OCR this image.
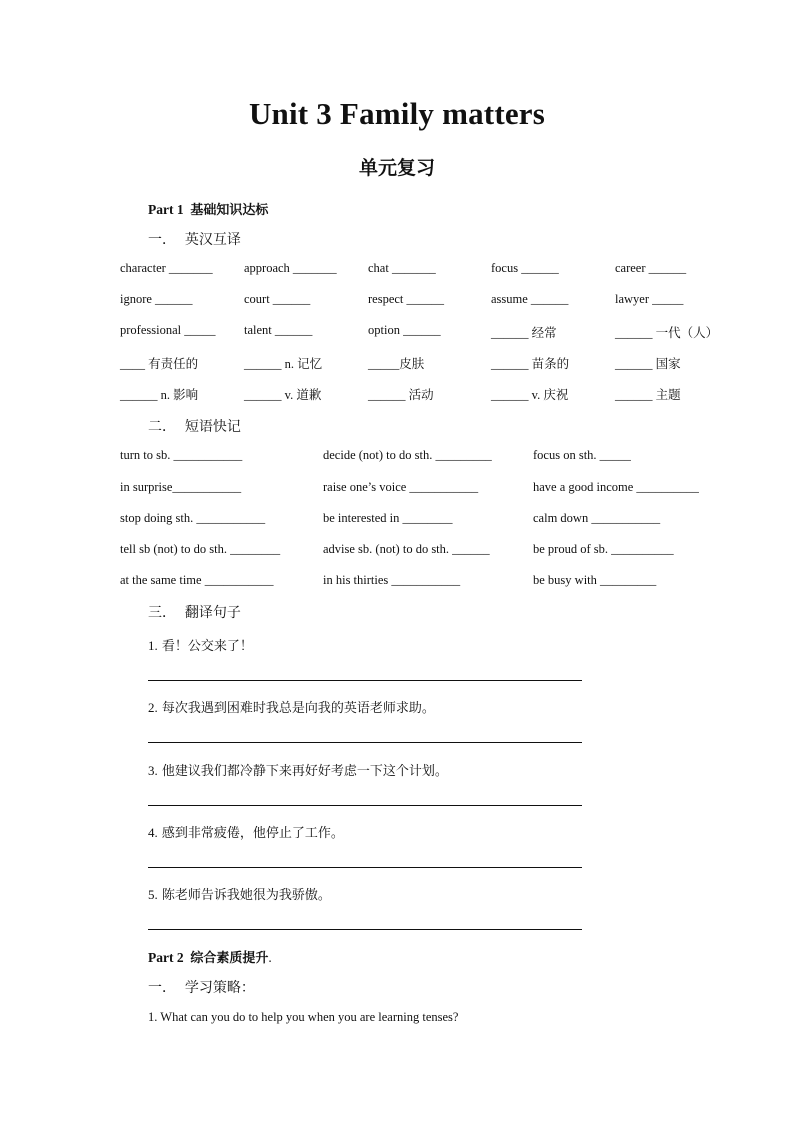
Unit 3 Family matters
单元复习
Part 1 基础知识达标
一． 英汉互译
character _______	approach _______	chat _______	focus ______	career ______
ignore ______	court ______	respect ______	assume ______	lawyer _____
professional _____ talent ______	option ______	______ 经常	______ 一代（人）
____ 有责任的	______ n. 记忆	_____皮肤	______ 苗条的	______ 国家
______ n. 影响	______ v. 道歉	______ 活动	______ v. 庆祝	______ 主题
二． 短语快记
turn to sb. ___________	decide (not) to do sth. _________	focus on sth. _____
in surprise___________	raise one’s voice ___________	have a good income __________
stop doing sth. ___________	be interested in ________	calm down ___________
tell sb (not) to do sth. ________	advise sb. (not) to do sth. ______	be proud of sb. __________
at the same time ___________	in his thirties ___________	be busy with _________
三． 翻译句子
1. 看！公交来了！
2. 每次我遇到困难时我总是向我的英语老师求助。
3. 他建议我们都冷静下来再好好考虑一下这个计划。
4. 感到非常疲倦，他停止了工作。
5. 陈老师告诉我她很为我骄傲。
Part 2 综合素质提升.
一． 学习策略：
1. What can you do to help you when you are learning tenses?
